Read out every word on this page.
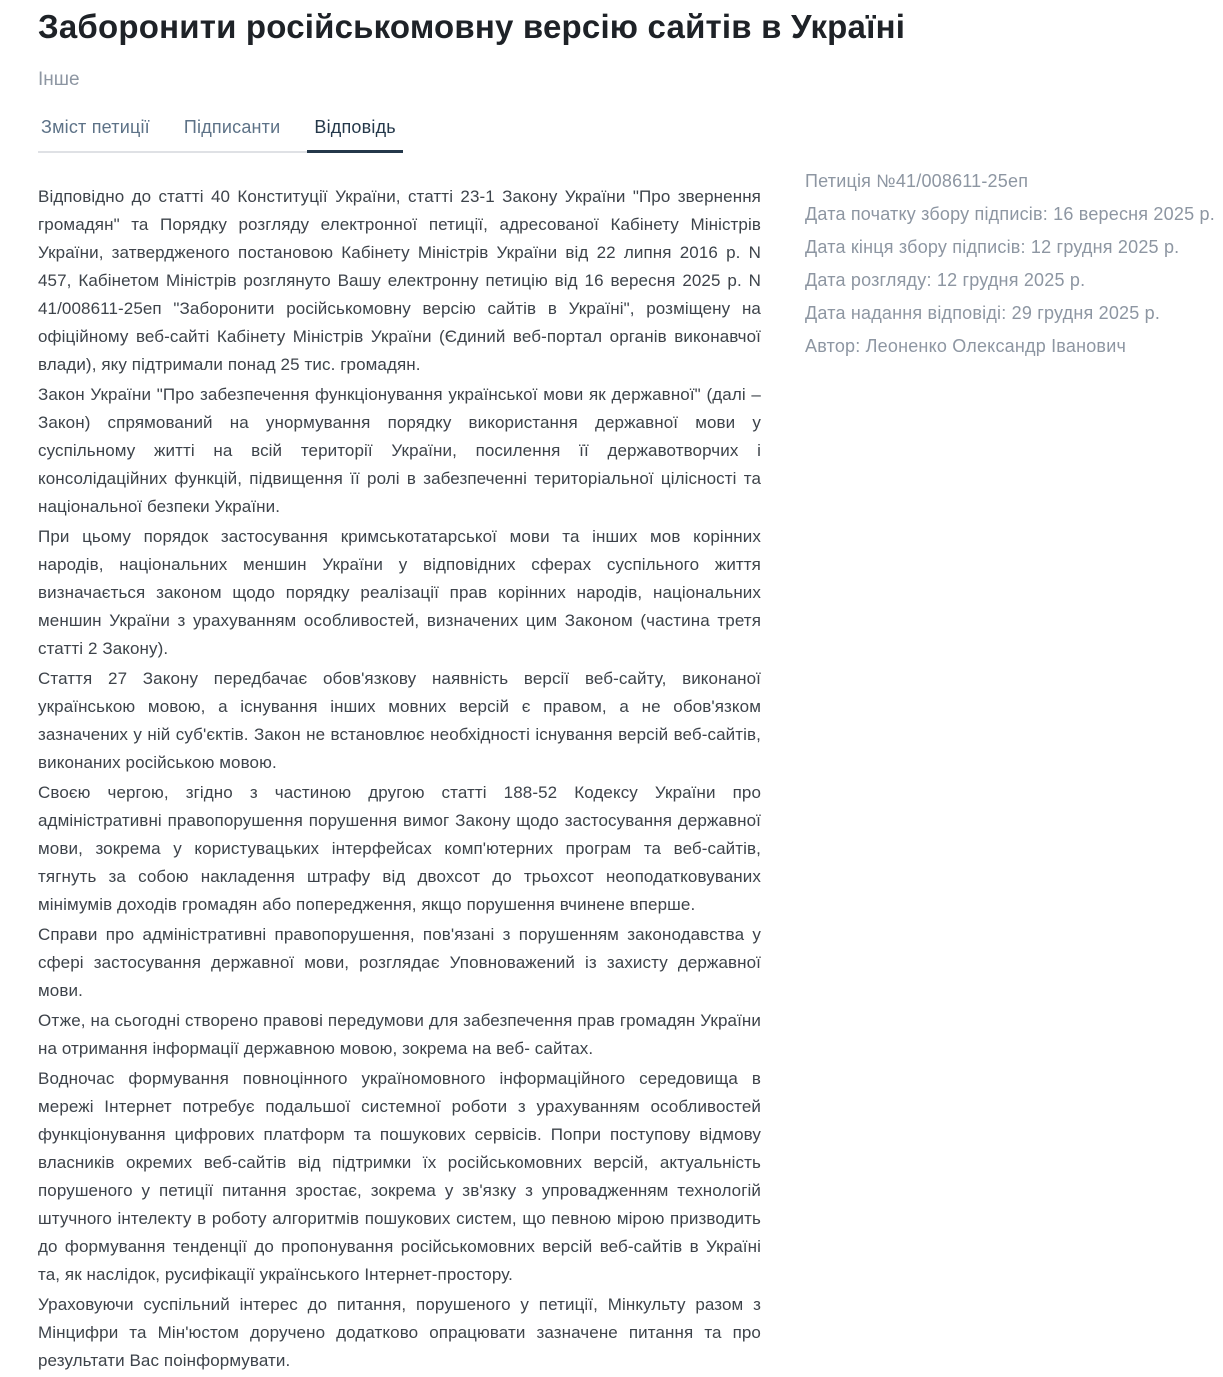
Заборонити російськомовну версію сайтів в Україні
Інше
Зміст петиції Підписанти Відповідь

Відповідно до статті 40 Конституції України, статті 23-1 Закону України "Про звернення громадян" та Порядку розгляду електронної петиції, адресованої Кабінету Міністрів України, затвердженого постановою Кабінету Міністрів України від 22 липня 2016 р. N 457, Кабінетом Міністрів розглянуто Вашу електронну петицію від 16 вересня 2025 р. N 41/008611-25еп "Заборонити російськомовну версію сайтів в Україні", розміщену на офіційному веб-сайті Кабінету Міністрів України (Єдиний веб-портал органів виконавчої влади), яку підтримали понад 25 тис. громадян.

Закон України "Про забезпечення функціонування української мови як державної" (далі – Закон) спрямований на унормування порядку використання державної мови у суспільному житті на всій території України, посилення її державотворчих і консолідаційних функцій, підвищення її ролі в забезпеченні територіальної цілісності та національної безпеки України.

При цьому порядок застосування кримськотатарської мови та інших мов корінних народів, національних меншин України у відповідних сферах суспільного життя визначається законом щодо порядку реалізації прав корінних народів, національних меншин України з урахуванням особливостей, визначених цим Законом (частина третя статті 2 Закону).

Стаття 27 Закону передбачає обов'язкову наявність версії веб-сайту, виконаної українською мовою, а існування інших мовних версій є правом, а не обов'язком зазначених у ній суб'єктів. Закон не встановлює необхідності існування версій веб-сайтів, виконаних російською мовою.

Своєю чергою, згідно з частиною другою статті 188-52 Кодексу України про адміністративні правопорушення порушення вимог Закону щодо застосування державної мови, зокрема у користувацьких інтерфейсах комп'ютерних програм та веб-сайтів, тягнуть за собою накладення штрафу від двохсот до трьохсот неоподатковуваних мінімумів доходів громадян або попередження, якщо порушення вчинене вперше.

Справи про адміністративні правопорушення, пов'язані з порушенням законодавства у сфері застосування державної мови, розглядає Уповноважений із захисту державної мови.

Отже, на сьогодні створено правові передумови для забезпечення прав громадян України на отримання інформації державною мовою, зокрема на веб- сайтах.

Водночас формування повноцінного україномовного інформаційного середовища в мережі Інтернет потребує подальшої системної роботи з урахуванням особливостей функціонування цифрових платформ та пошукових сервісів. Попри поступову відмову власників окремих веб-сайтів від підтримки їх російськомовних версій, актуальність порушеного у петиції питання зростає, зокрема у зв'язку з упровадженням технологій штучного інтелекту в роботу алгоритмів пошукових систем, що певною мірою призводить до формування тенденції до пропонування російськомовних версій веб-сайтів в Україні та, як наслідок, русифікації українського Інтернет-простору.

Ураховуючи суспільний інтерес до питання, порушеного у петиції, Мінкульту разом з Мінцифри та Мін'юстом доручено додатково опрацювати зазначене питання та про результати Вас поінформувати.

Петиція №41/008611-25еп
Дата початку збору підписів: 16 вересня 2025 р.
Дата кінця збору підписів: 12 грудня 2025 р.
Дата розгляду: 12 грудня 2025 р.
Дата надання відповіді: 29 грудня 2025 р.
Автор: Леоненко Олександр Іванович
